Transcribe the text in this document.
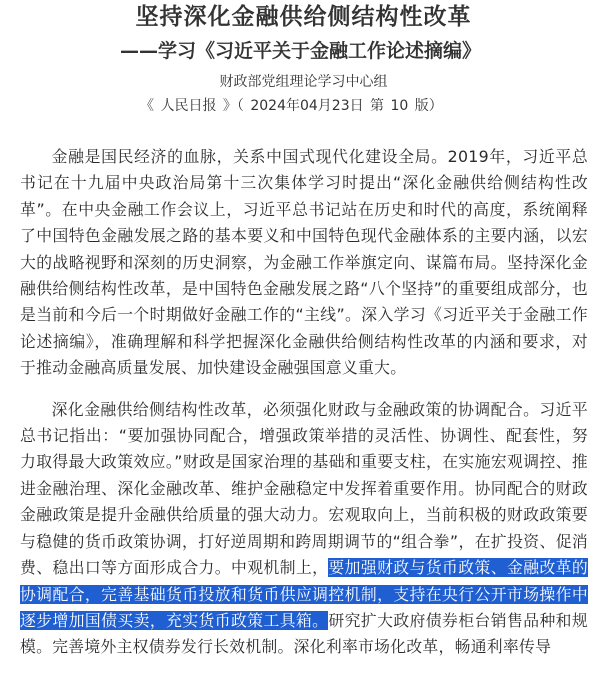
坚持深化金融供给侧结构性改革
——学习《习近平关于金融工作论述摘编》
财政部党组理论学习中心组
《 人民日报 》（ 2024年04月23日 第 10 版）

金融是国民经济的血脉，关系中国式现代化建设全局。2019年，习近平总书记在十九届中央政治局第十三次集体学习时提出“深化金融供给侧结构性改革”。在中央金融工作会议上，习近平总书记站在历史和时代的高度，系统阐释了中国特色金融发展之路的基本要义和中国特色现代金融体系的主要内涵，以宏大的战略视野和深刻的历史洞察，为金融工作举旗定向、谋篇布局。坚持深化金融供给侧结构性改革，是中国特色金融发展之路“八个坚持”的重要组成部分，也是当前和今后一个时期做好金融工作的“主线”。深入学习《习近平关于金融工作论述摘编》，准确理解和科学把握深化金融供给侧结构性改革的内涵和要求，对于推动金融高质量发展、加快建设金融强国意义重大。

深化金融供给侧结构性改革，必须强化财政与金融政策的协调配合。习近平总书记指出：“要加强协同配合，增强政策举措的灵活性、协调性、配套性，努力取得最大政策效应。”财政是国家治理的基础和重要支柱，在实施宏观调控、推进金融治理、深化金融改革、维护金融稳定中发挥着重要作用。协同配合的财政金融政策是提升金融供给质量的强大动力。宏观取向上，当前积极的财政政策要与稳健的货币政策协调，打好逆周期和跨周期调节的“组合拳”，在扩投资、促消费、稳出口等方面形成合力。中观机制上，要加强财政与货币政策、金融改革的协调配合，完善基础货币投放和货币供应调控机制，支持在央行公开市场操作中逐步增加国债买卖，充实货币政策工具箱。研究扩大政府债券柜台销售品种和规模。完善境外主权债券发行长效机制。深化利率市场化改革，畅通利率传导
